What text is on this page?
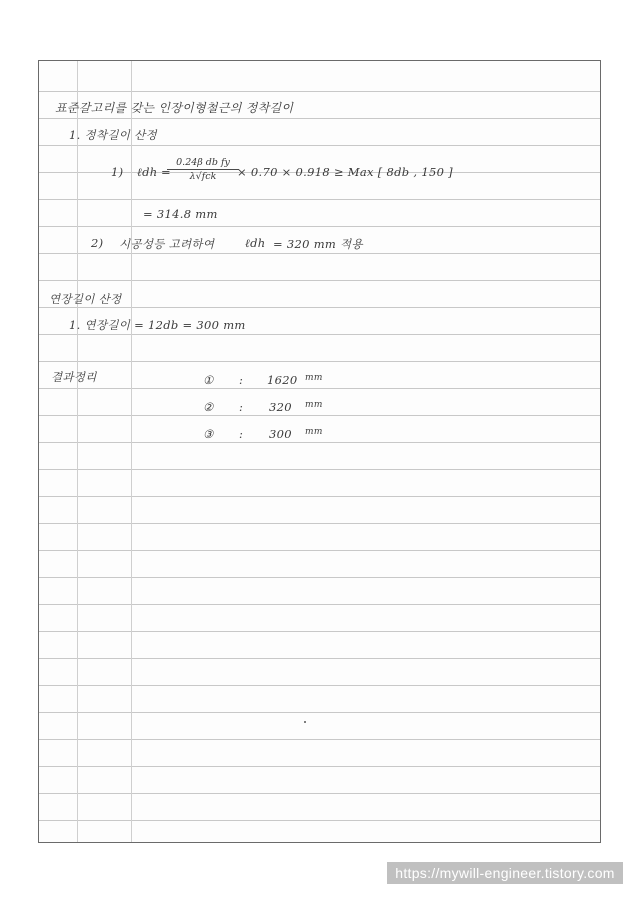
표준갈고리를 갖는 인장이형철근의 정착길이
1. 정착길이 산정
1) ℓdh =
0.24β db fy
λ√fck	× 0.70 × 0.918 ≥ Max [ 8db , 150 ]
= 314.8 mm
2) 시공성등 고려하여	ℓdh = 320 mm 적용
연장길이 산정
1. 연장길이 = 12db = 300 mm
결과정리	① : 1620 mm
② : 320 mm
③ : 300 mm
https://mywill-engineer.tistory.com
